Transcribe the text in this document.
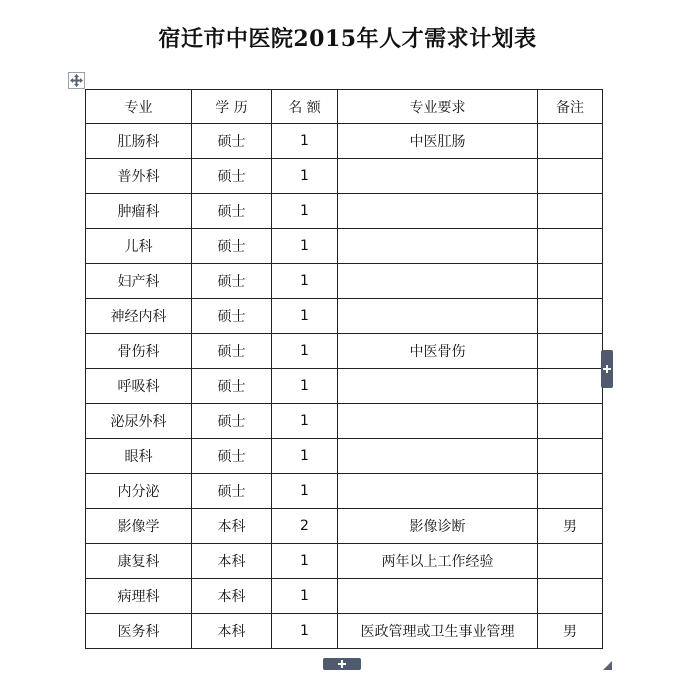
宿迁市中医院2015年人才需求计划表
专业	学 历	名 额	专业要求	备注
肛肠科	硕士	1	中医肛肠	
普外科	硕士	1		
肿瘤科	硕士	1		
儿科	硕士	1		
妇产科	硕士	1		
神经内科	硕士	1		
骨伤科	硕士	1	中医骨伤	
呼吸科	硕士	1		
泌尿外科	硕士	1		
眼科	硕士	1		
内分泌	硕士	1		
影像学	本科	2	影像诊断	男
康复科	本科	1	两年以上工作经验	
病理科	本科	1		
医务科	本科	1	医政管理或卫生事业管理	男
